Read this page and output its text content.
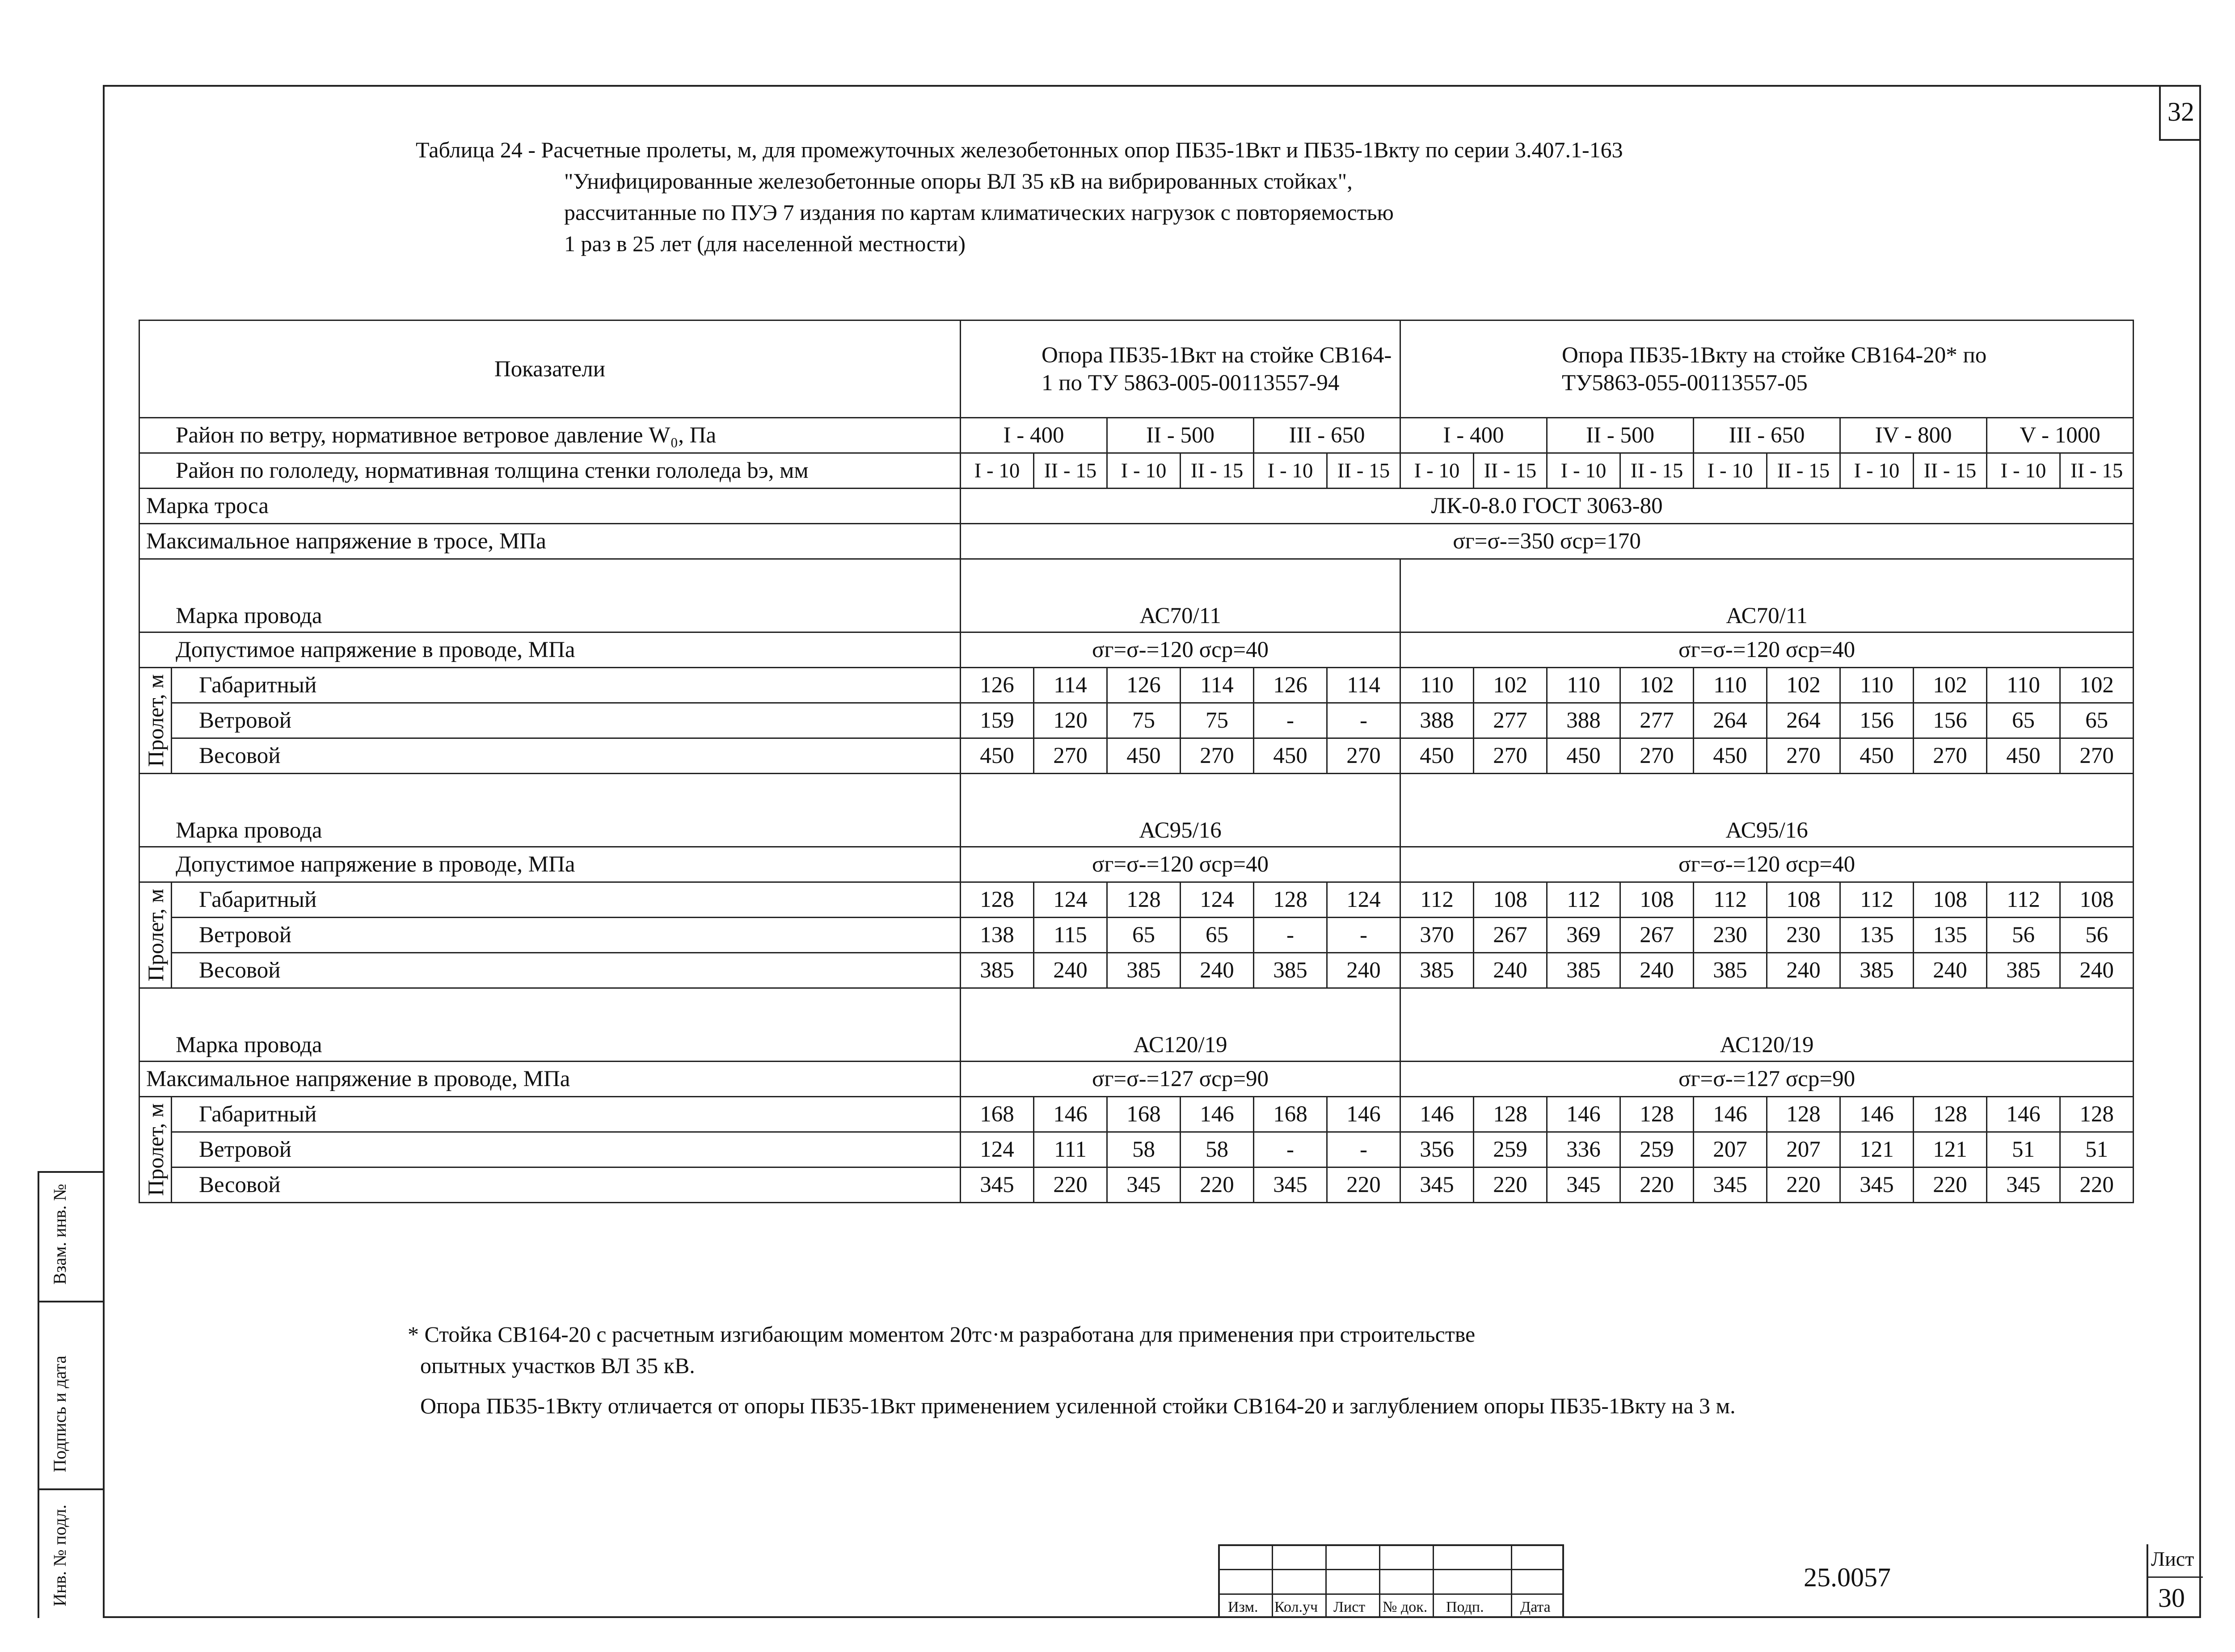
32
Таблица 24 - Расчетные пролеты, м, для промежуточных железобетонных опор ПБ35-1Вкт и ПБ35-1Вкту по серии 3.407.1-163
"Унифицированные железобетонные опоры ВЛ 35 кВ на вибрированных стойках",
рассчитанные по ПУЭ 7 издания по картам климатических нагрузок с повторяемостью
1 раз в 25 лет (для населенной местности)
Показатели		Опора ПБ35-1Вкт на стойке СВ164-1 по ТУ 5863-005-00113557-94						Опора ПБ35-1Вкту на стойке СВ164-20* по ТУ5863-055-00113557-05									
Район по ветру, нормативное ветровое давление W₀, Па		I - 400		II - 500		III - 650		I - 400		II - 500		III - 650		IV - 800		V - 1000	
Район по гололеду, нормативная толщина стенки гололеда bэ, мм		I - 10	II - 15	I - 10	II - 15	I - 10	II - 15	I - 10	II - 15	I - 10	II - 15	I - 10	II - 15	I - 10	II - 15	I - 10	II - 15
Марка троса		ЛК-0-8.0 ГОСТ 3063-80															
Максимальное напряжение в тросе, МПа		σг=σ-=350 σср=170															
Марка провода		АС70/11						АС70/11									
Допустимое напряжение в проводе, МПа		σг=σ-=120 σср=40						σг=σ-=120 σср=40									

Пролет, м	Габаритный	126	114	126	114	126	114	110	102	110	102	110	102	110	102	110	102
	Ветровой	159	120	75	75	-	-	388	277	388	277	264	264	156	156	65	65
	Весовой	450	270	450	270	450	270	450	270	450	270	450	270	450	270	450	270
Марка провода		АС95/16						АС95/16									
Допустимое напряжение в проводе, МПа		σг=σ-=120 σср=40						σг=σ-=120 σср=40									

Пролет, м	Габаритный	128	124	128	124	128	124	112	108	112	108	112	108	112	108	112	108
	Ветровой	138	115	65	65	-	-	370	267	369	267	230	230	135	135	56	56
	Весовой	385	240	385	240	385	240	385	240	385	240	385	240	385	240	385	240
Марка провода		АС120/19						АС120/19									
Максимальное напряжение в проводе, МПа		σг=σ-=127 σср=90						σг=σ-=127 σср=90									

Пролет, м	Габаритный	168	146	168	146	168	146	146	128	146	128	146	128	146	128	146	128
	Ветровой	124	111	58	58	-	-	356	259	336	259	207	207	121	121	51	51
	Весовой	345	220	345	220	345	220	345	220	345	220	345	220	345	220	345	220
* Стойка СВ164-20 с расчетным изгибающим моментом 20тс·м разработана для применения при строительстве
опытных участков ВЛ 35 кВ.
Опора ПБ35-1Вкту отличается от опоры ПБ35-1Вкт применением усиленной стойки СВ164-20 и заглублением опоры ПБ35-1Вкту на 3 м.
Изм. Кол.уч Лист № док. Подп. Дата
25.0057
Лист
30
Взам. инв. №
Подпись и дата
Инв. № подл.
